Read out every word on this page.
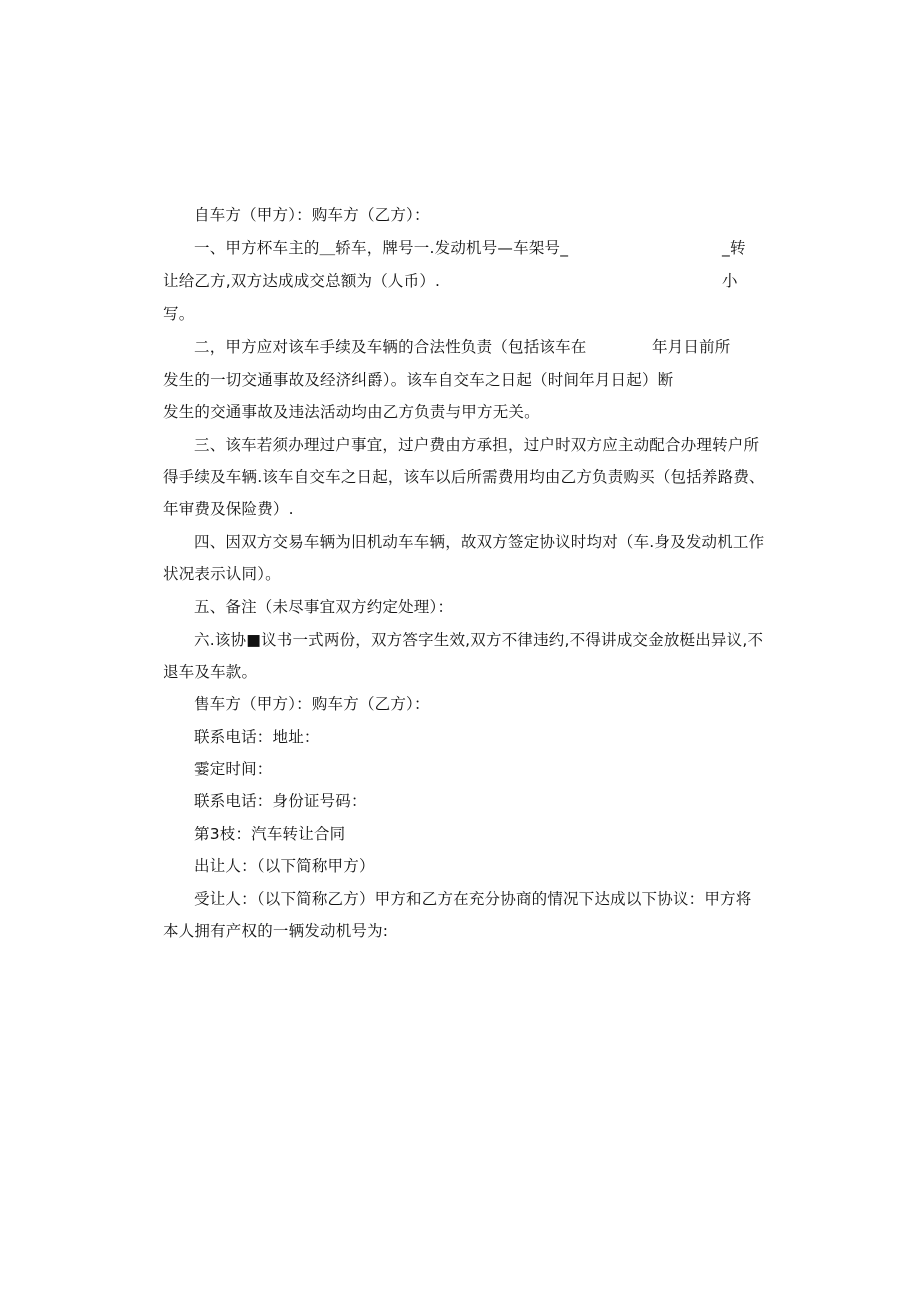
自车方（甲方）：购车方（乙方）：
一、甲方杯车主的＿轿车，牌号一.发动机号—车架号_	_转
让给乙方,双方达成成交总额为（人币）.	小
写。
二，甲方应对该车手续及车辆的合法性负责（包括该车在	年月日前所
发生的一切交通事故及经济纠爵）。该车自交车之日起（时间年月日起）断
发生的交通事故及违法活动均由乙方负责与甲方无关。
三、该车若须办理过户事宜，过户费由方承担，过户时双方应主动配合办理转户所
得手续及车辆.该车自交车之日起，该车以后所需费用均由乙方负责购买（包括养路费、
年审费及保险费）.
四、因双方交易车辆为旧机动车车辆，故双方签定协议时均对（车.身及发动机工作
状况表示认同）。
五、备注（未尽事宜双方约定处理）：
六.该协■议书一式两份，双方答字生效,双方不律违约,不得讲成交金放梃出异议,不
退车及车款。
售车方（甲方）：购车方（乙方）：
联系电话：地址：
霎定时间：
联系电话：身份证号码：
第3枝：汽车转让合同
出让人：（以下简称甲方）
受让人：（以下简称乙方）甲方和乙方在充分协商的情况下达成以下协议：甲方将
本人拥有产权的一辆发动机号为:
